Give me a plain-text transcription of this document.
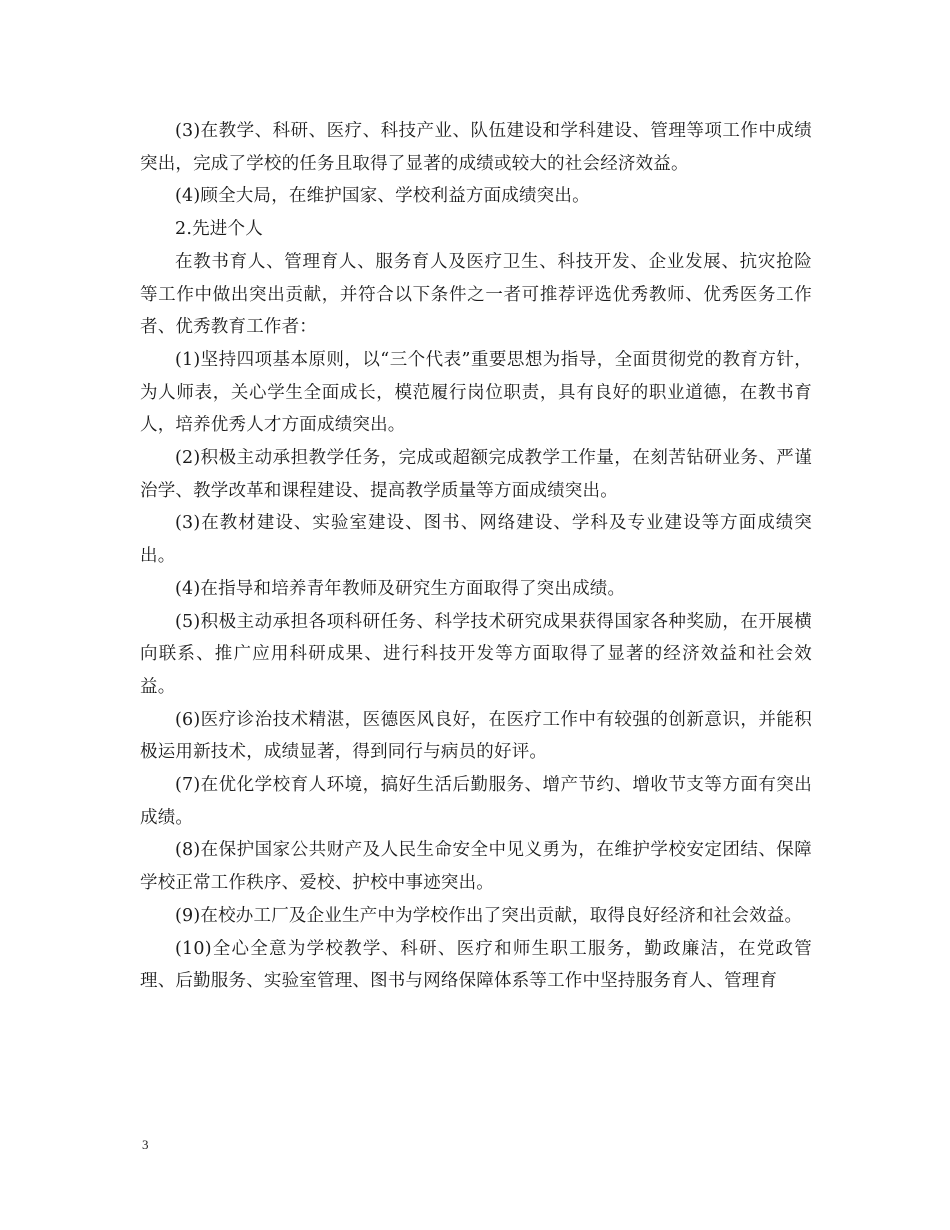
(3)在教学、科研、医疗、科技产业、队伍建设和学科建设、管理等项工作中成绩突出，完成了学校的任务且取得了显著的成绩或较大的社会经济效益。

(4)顾全大局，在维护国家、学校利益方面成绩突出。

2.先进个人

在教书育人、管理育人、服务育人及医疗卫生、科技开发、企业发展、抗灾抢险等工作中做出突出贡献，并符合以下条件之一者可推荐评选优秀教师、优秀医务工作者、优秀教育工作者：

(1)坚持四项基本原则，以“三个代表”重要思想为指导，全面贯彻党的教育方针，为人师表，关心学生全面成长，模范履行岗位职责，具有良好的职业道德，在教书育人，培养优秀人才方面成绩突出。

(2)积极主动承担教学任务，完成或超额完成教学工作量，在刻苦钻研业务、严谨治学、教学改革和课程建设、提高教学质量等方面成绩突出。

(3)在教材建设、实验室建设、图书、网络建设、学科及专业建设等方面成绩突出。

(4)在指导和培养青年教师及研究生方面取得了突出成绩。

(5)积极主动承担各项科研任务、科学技术研究成果获得国家各种奖励，在开展横向联系、推广应用科研成果、进行科技开发等方面取得了显著的经济效益和社会效益。

(6)医疗诊治技术精湛，医德医风良好，在医疗工作中有较强的创新意识，并能积极运用新技术，成绩显著，得到同行与病员的好评。

(7)在优化学校育人环境，搞好生活后勤服务、增产节约、增收节支等方面有突出成绩。

(8)在保护国家公共财产及人民生命安全中见义勇为，在维护学校安定团结、保障学校正常工作秩序、爱校、护校中事迹突出。

(9)在校办工厂及企业生产中为学校作出了突出贡献，取得良好经济和社会效益。

(10)全心全意为学校教学、科研、医疗和师生职工服务，勤政廉洁，在党政管理、后勤服务、实验室管理、图书与网络保障体系等工作中坚持服务育人、管理育

3
